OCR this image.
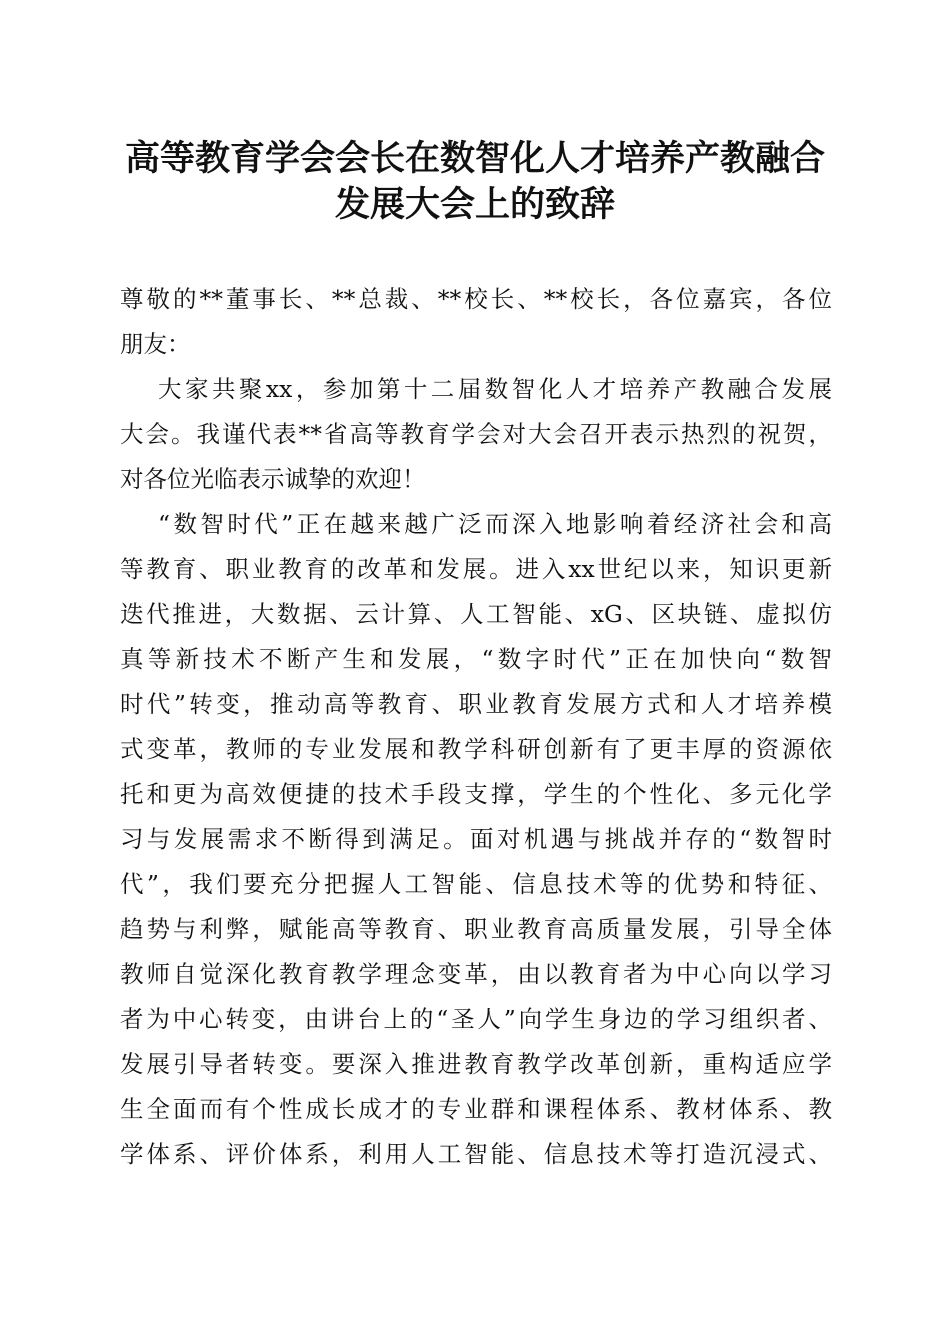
高等教育学会会长在数智化人才培养产教融合
发展大会上的致辞
尊敬的**董事长、**总裁、**校长、**校长，各位嘉宾，各位
朋友：
大家共聚xx，参加第十二届数智化人才培养产教融合发展
大会。我谨代表**省高等教育学会对大会召开表示热烈的祝贺，
对各位光临表示诚挚的欢迎！
“数智时代”正在越来越广泛而深入地影响着经济社会和高
等教育、职业教育的改革和发展。进入xx世纪以来，知识更新
迭代推进，大数据、云计算、人工智能、xG、区块链、虚拟仿
真等新技术不断产生和发展，“数字时代”正在加快向“数智
时代”转变，推动高等教育、职业教育发展方式和人才培养模
式变革，教师的专业发展和教学科研创新有了更丰厚的资源依
托和更为高效便捷的技术手段支撑，学生的个性化、多元化学
习与发展需求不断得到满足。面对机遇与挑战并存的“数智时
代”，我们要充分把握人工智能、信息技术等的优势和特征、
趋势与利弊，赋能高等教育、职业教育高质量发展，引导全体
教师自觉深化教育教学理念变革，由以教育者为中心向以学习
者为中心转变，由讲台上的“圣人”向学生身边的学习组织者、
发展引导者转变。要深入推进教育教学改革创新，重构适应学
生全面而有个性成长成才的专业群和课程体系、教材体系、教
学体系、评价体系，利用人工智能、信息技术等打造沉浸式、
